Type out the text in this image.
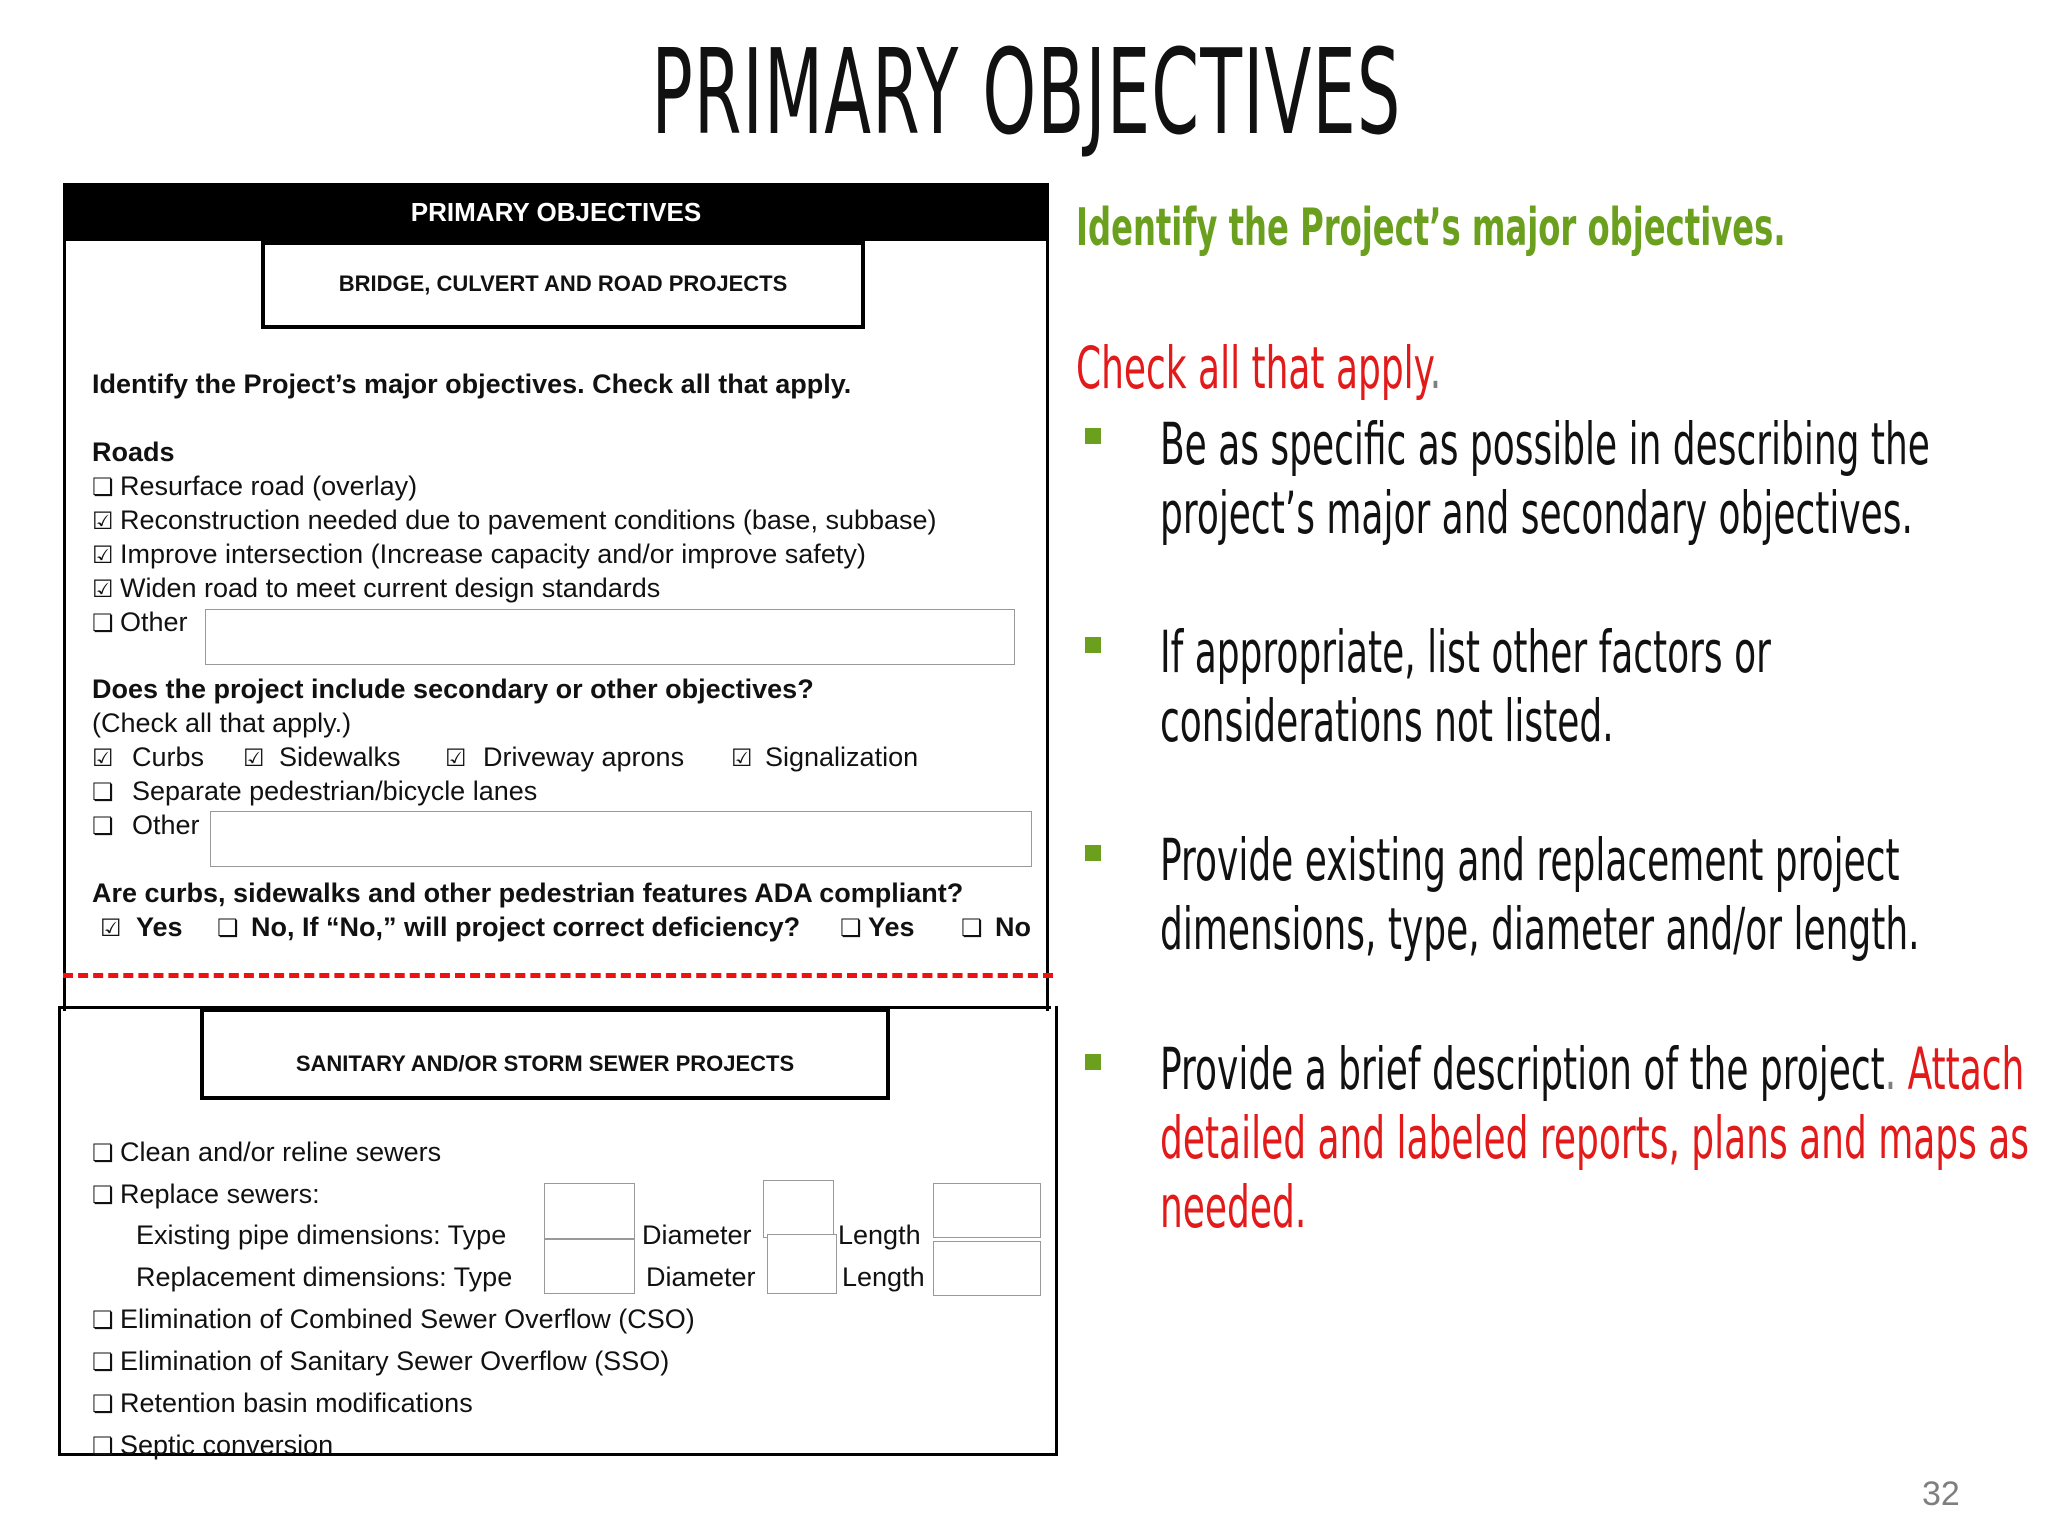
PRIMARY OBJECTIVES
PRIMARY OBJECTIVES
BRIDGE, CULVERT AND ROAD PROJECTS
Identify the Project’s major objectives. Check all that apply.
Roads
❏ Resurface road (overlay)
☑ Reconstruction needed due to pavement conditions (base, subbase)
☑ Improve intersection (Increase capacity and/or improve safety)
☑ Widen road to meet current design standards
❏ Other
Does the project include secondary or other objectives?
(Check all that apply.)
☑ Curbs ☑ Sidewalks ☑ Driveway aprons ☑ Signalization
❏ Separate pedestrian/bicycle lanes
❏ Other
Are curbs, sidewalks and other pedestrian features ADA compliant?
☑ Yes ❏ No, If “No,” will project correct deficiency? ❏ Yes ❏ No
SANITARY AND/OR STORM SEWER PROJECTS
❏ Clean and/or reline sewers
❏ Replace sewers:
Existing pipe dimensions: Type	Diameter	Length
Replacement dimensions: Type	Diameter	Length
❏ Elimination of Combined Sewer Overflow (CSO)
❏ Elimination of Sanitary Sewer Overflow (SSO)
❏ Retention basin modifications
❏ Septic conversion
Identify the Project’s major objectives.
Check all that apply.
Be as specific as possible in describing the
project’s major and secondary objectives.
If appropriate, list other factors or
considerations not listed.
Provide existing and replacement project
dimensions, type, diameter and/or length.
Provide a brief description of the project. Attach
detailed and labeled reports, plans and maps as
needed.
32
